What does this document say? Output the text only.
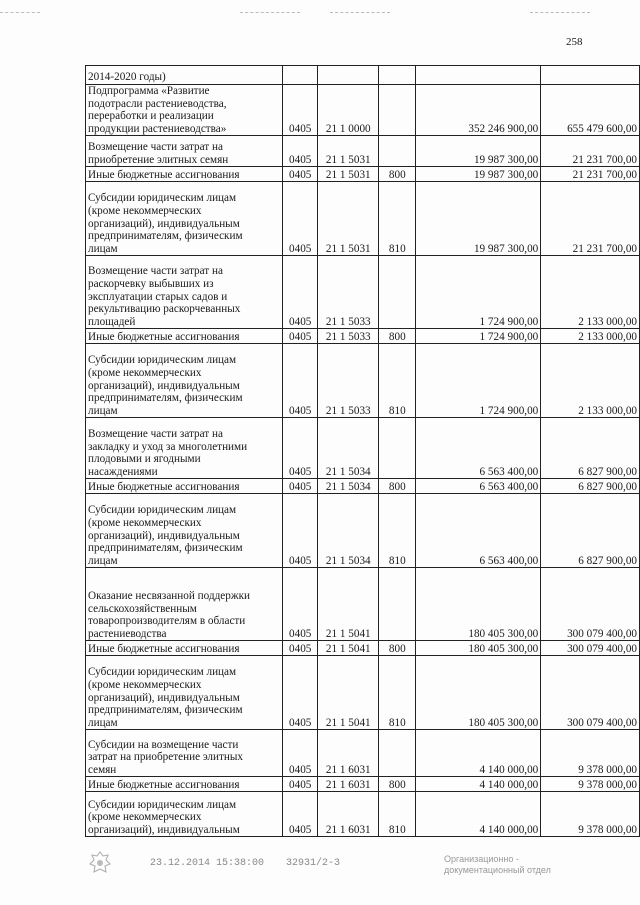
258
2014-2020 годы)					
Подпрограмма «Развитие
подотрасли растениеводства,
переработки и реализации
продукции растениеводства»	0405	21 1 0000		352 246 900,00	655 479 600,00
Возмещение части затрат на
приобретение элитных семян	0405	21 1 5031		19 987 300,00	21 231 700,00
Иные бюджетные ассигнования	0405	21 1 5031	800	19 987 300,00	21 231 700,00
Субсидии юридическим лицам
(кроме некоммерческих
организаций), индивидуальным
предпринимателям, физическим
лицам	0405	21 1 5031	810	19 987 300,00	21 231 700,00
Возмещение части затрат на
раскорчевку выбывших из
эксплуатации старых садов и
рекультивацию раскорчеванных
площадей	0405	21 1 5033		1 724 900,00	2 133 000,00
Иные бюджетные ассигнования	0405	21 1 5033	800	1 724 900,00	2 133 000,00
Субсидии юридическим лицам
(кроме некоммерческих
организаций), индивидуальным
предпринимателям, физическим
лицам	0405	21 1 5033	810	1 724 900,00	2 133 000,00
Возмещение части затрат на
закладку и уход за многолетними
плодовыми и ягодными
насаждениями	0405	21 1 5034		6 563 400,00	6 827 900,00
Иные бюджетные ассигнования	0405	21 1 5034	800	6 563 400,00	6 827 900,00
Субсидии юридическим лицам
(кроме некоммерческих
организаций), индивидуальным
предпринимателям, физическим
лицам	0405	21 1 5034	810	6 563 400,00	6 827 900,00
Оказание несвязанной поддержки
сельскохозяйственным
товаропроизводителям в области
растениеводства	0405	21 1 5041		180 405 300,00	300 079 400,00
Иные бюджетные ассигнования	0405	21 1 5041	800	180 405 300,00	300 079 400,00
Субсидии юридическим лицам
(кроме некоммерческих
организаций), индивидуальным
предпринимателям, физическим
лицам	0405	21 1 5041	810	180 405 300,00	300 079 400,00
Субсидии на возмещение части
затрат на приобретение элитных
семян	0405	21 1 6031		4 140 000,00	9 378 000,00
Иные бюджетные ассигнования	0405	21 1 6031	800	4 140 000,00	9 378 000,00
Субсидии юридическим лицам
(кроме некоммерческих
организаций), индивидуальным	0405	21 1 6031	810	4 140 000,00	9 378 000,00
23.12.2014 15:38:00 32931/2-3	Организационно -
документационный отдел
